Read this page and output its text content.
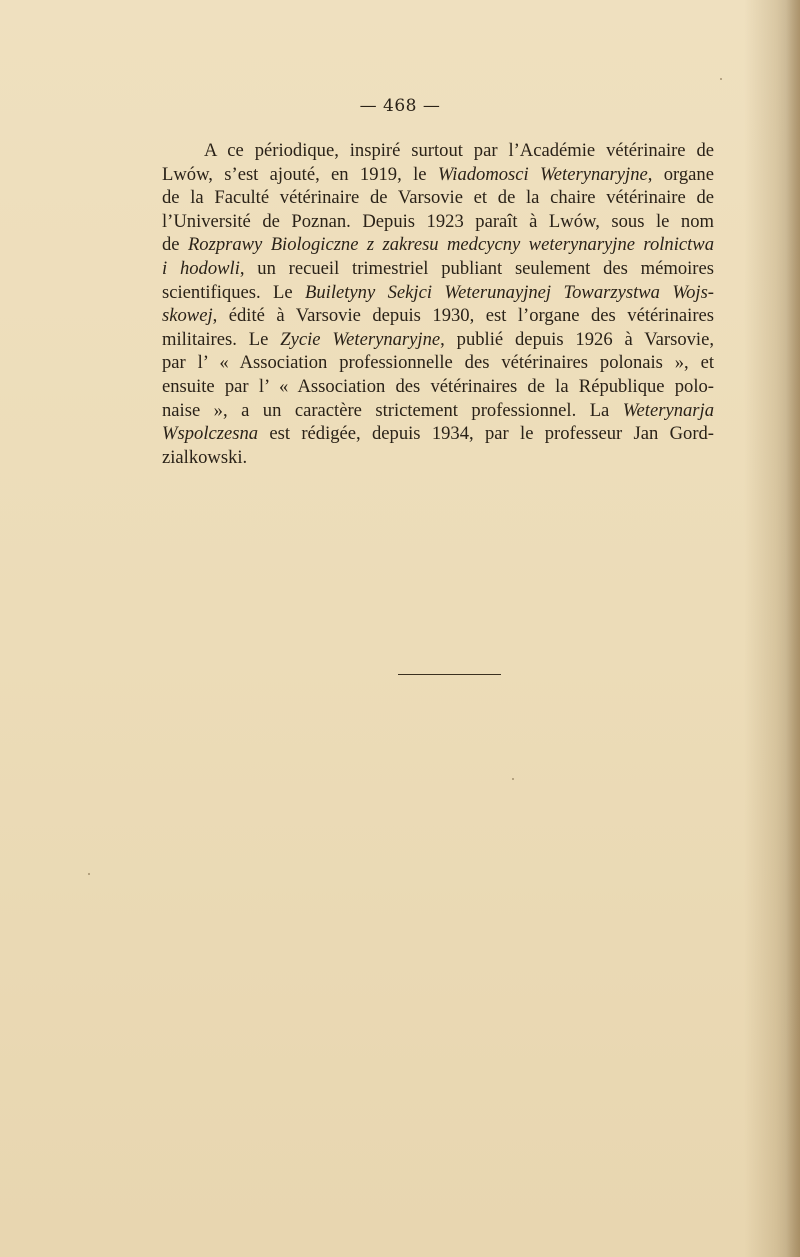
— 468 —
A ce périodique, inspiré surtout par l’Académie vétérinaire de
Lwów, s’est ajouté, en 1919, le Wiadomosci Weterynaryjne, organe
de la Faculté vétérinaire de Varsovie et de la chaire vétérinaire de
l’Université de Poznan. Depuis 1923 paraît à Lwów, sous le nom
de Rozprawy Biologiczne z zakresu medcycny weterynaryjne rolnictwa
i hodowli, un recueil trimestriel publiant seulement des mémoires
scientifiques. Le Builetyny Sekjci Weterunayjnej Towarzystwa Wojs-
skowej, édité à Varsovie depuis 1930, est l’organe des vétérinaires
militaires. Le Zycie Weterynaryjne, publié depuis 1926 à Varsovie,
par l’ « Association professionnelle des vétérinaires polonais », et
ensuite par l’ « Association des vétérinaires de la République polo-
naise », a un caractère strictement professionnel. La Weterynarja
Wspolczesna est rédigée, depuis 1934, par le professeur Jan Gord-
zialkowski.
